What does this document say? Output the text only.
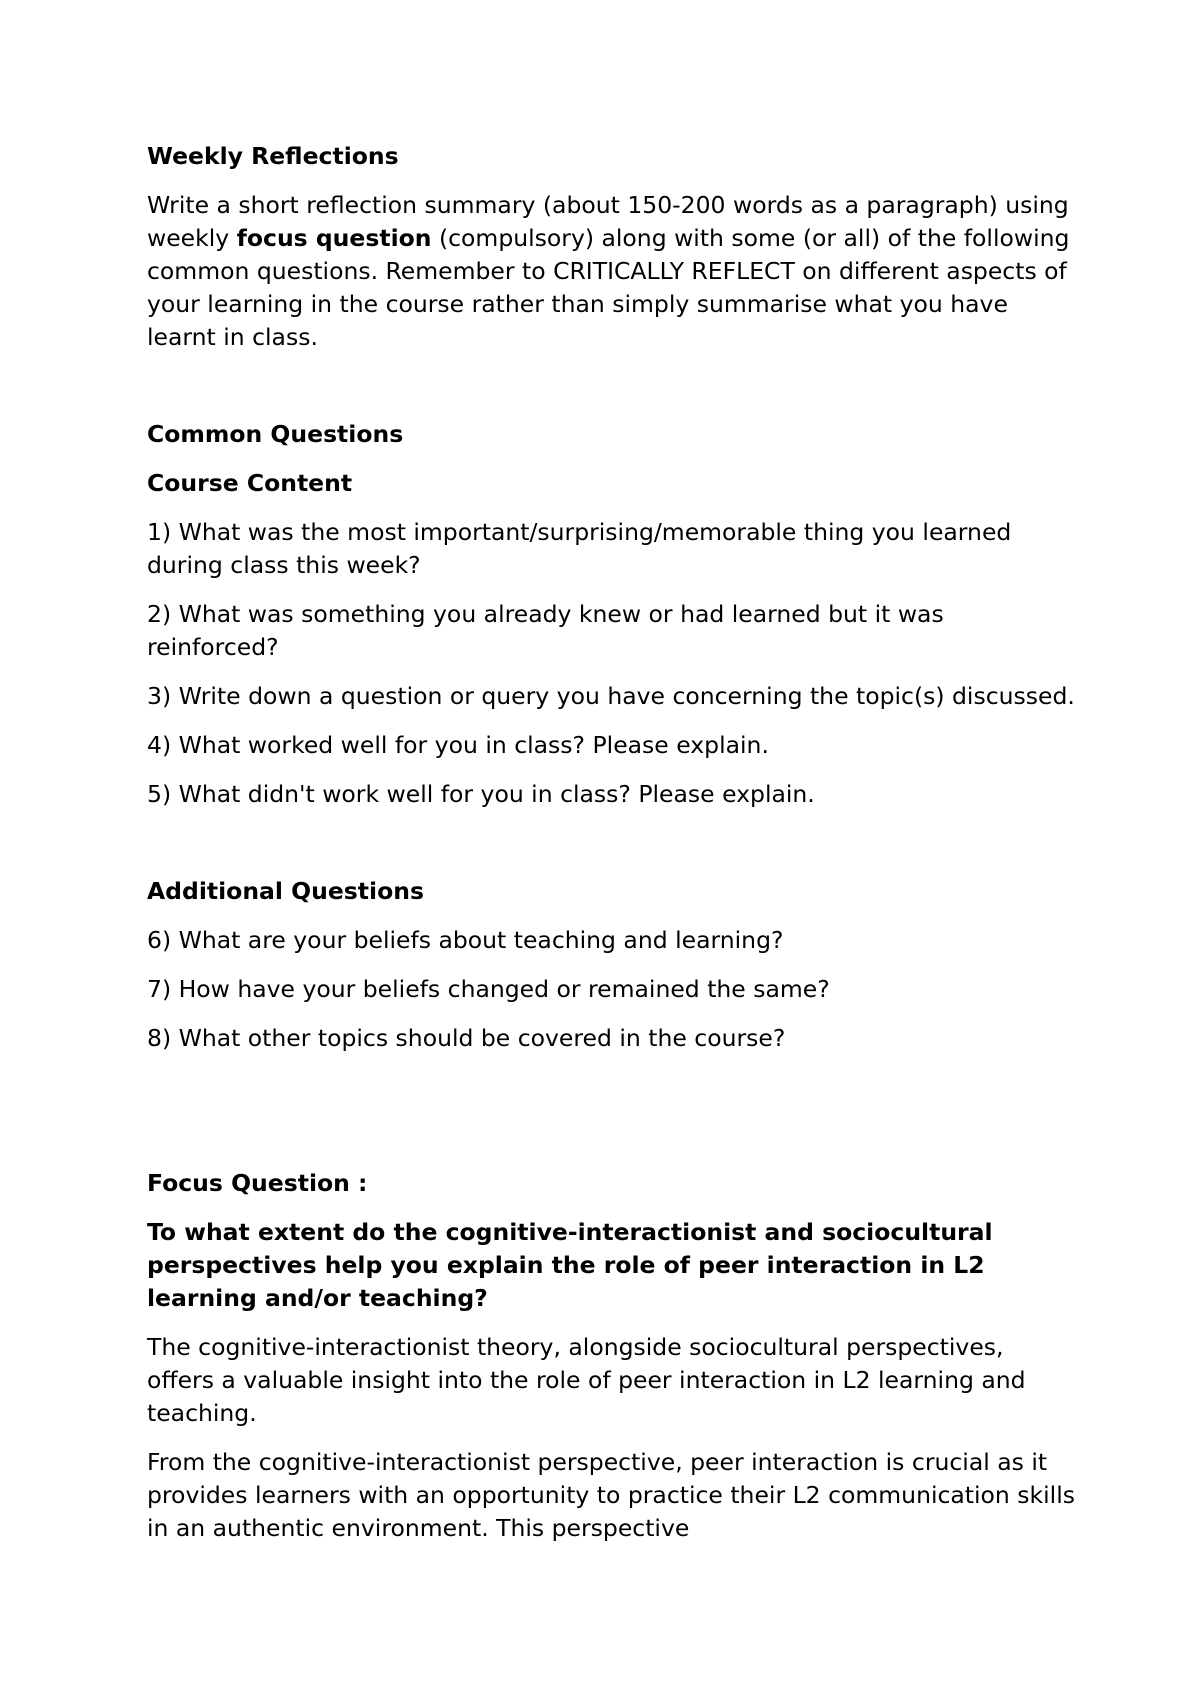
Weekly Reflections
Write a short reflection summary (about 150-200 words as a paragraph) using weekly focus question (compulsory) along with some (or all) of the following common questions. Remember to CRITICALLY REFLECT on different aspects of your learning in the course rather than simply summarise what you have learnt in class.
Common Questions
Course Content
1) What was the most important/surprising/memorable thing you learned during class this week?
2) What was something you already knew or had learned but it was reinforced?
3) Write down a question or query you have concerning the topic(s) discussed.
4) What worked well for you in class? Please explain.
5) What didn't work well for you in class? Please explain.
Additional Questions
6) What are your beliefs about teaching and learning?
7) How have your beliefs changed or remained the same?
8) What other topics should be covered in the course?
Focus Question :
To what extent do the cognitive-interactionist and sociocultural perspectives help you explain the role of peer interaction in L2 learning and/or teaching?
The cognitive-interactionist theory, alongside sociocultural perspectives, offers a valuable insight into the role of peer interaction in L2 learning and teaching.
From the cognitive-interactionist perspective, peer interaction is crucial as it provides learners with an opportunity to practice their L2 communication skills in an authentic environment. This perspective
